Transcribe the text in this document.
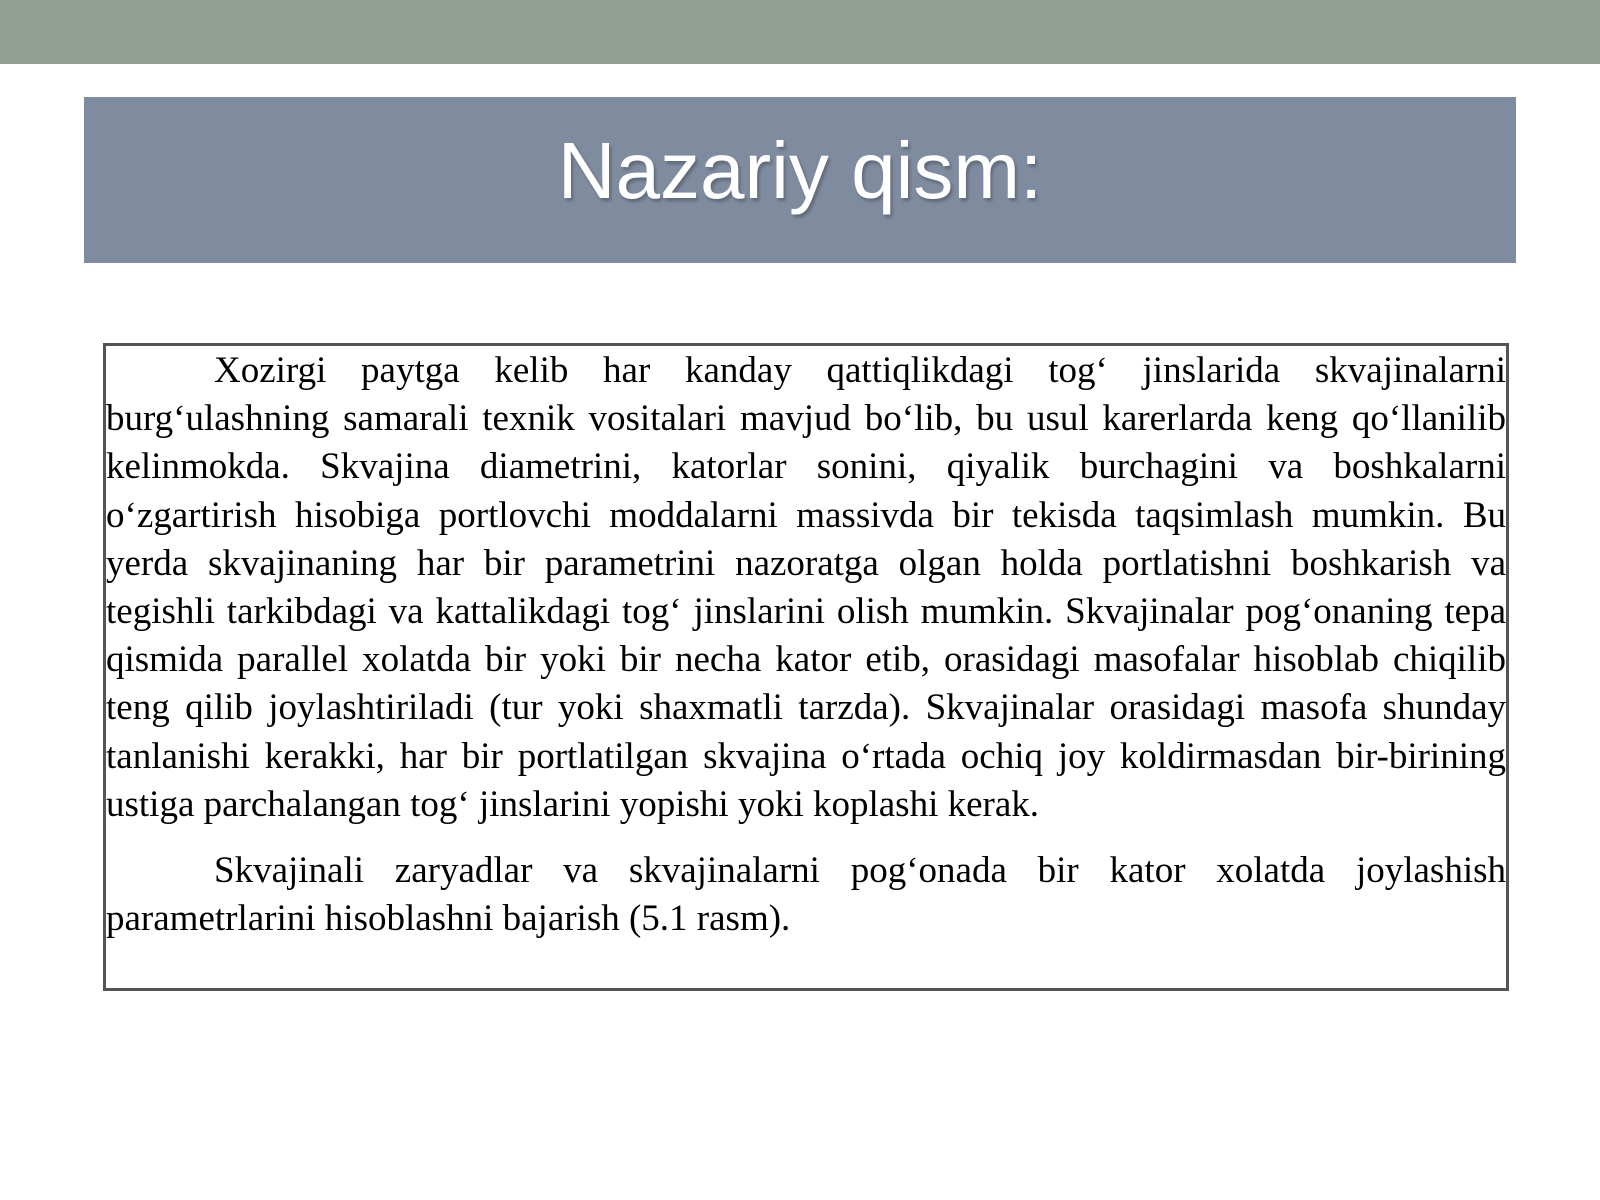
Nazariy qism:

Xozirgi paytga kelib har kanday qattiqlikdagi tog‘ jinslarida skvajinalarni burg‘ulashning samarali texnik vositalari mavjud bo‘lib, bu usul karerlarda keng qo‘llanilib kelinmokda. Skvajina diametrini, katorlar sonini, qiyalik burchagini va boshkalarni o‘zgartirish hisobiga portlovchi moddalarni massivda bir tekisda taqsimlash mumkin. Bu yerda skvajinaning har bir parametrini nazoratga olgan holda portlatishni boshkarish va tegishli tarkibdagi va kattalikdagi tog‘ jinslarini olish mumkin. Skvajinalar pog‘onaning tepa qismida parallel xolatda bir yoki bir necha kator etib, orasidagi masofalar hisoblab chiqilib teng qilib joylashtiriladi (tur yoki shaxmatli tarzda). Skvajinalar orasidagi masofa shunday tanlanishi kerakki, har bir portlatilgan skvajina o‘rtada ochiq joy koldirmasdan bir-birining ustiga parchalangan tog‘ jinslarini yopishi yoki koplashi kerak.

Skvajinali zaryadlar va skvajinalarni pog‘onada bir kator xolatda joylashish parametrlarini hisoblashni bajarish (5.1 rasm).
